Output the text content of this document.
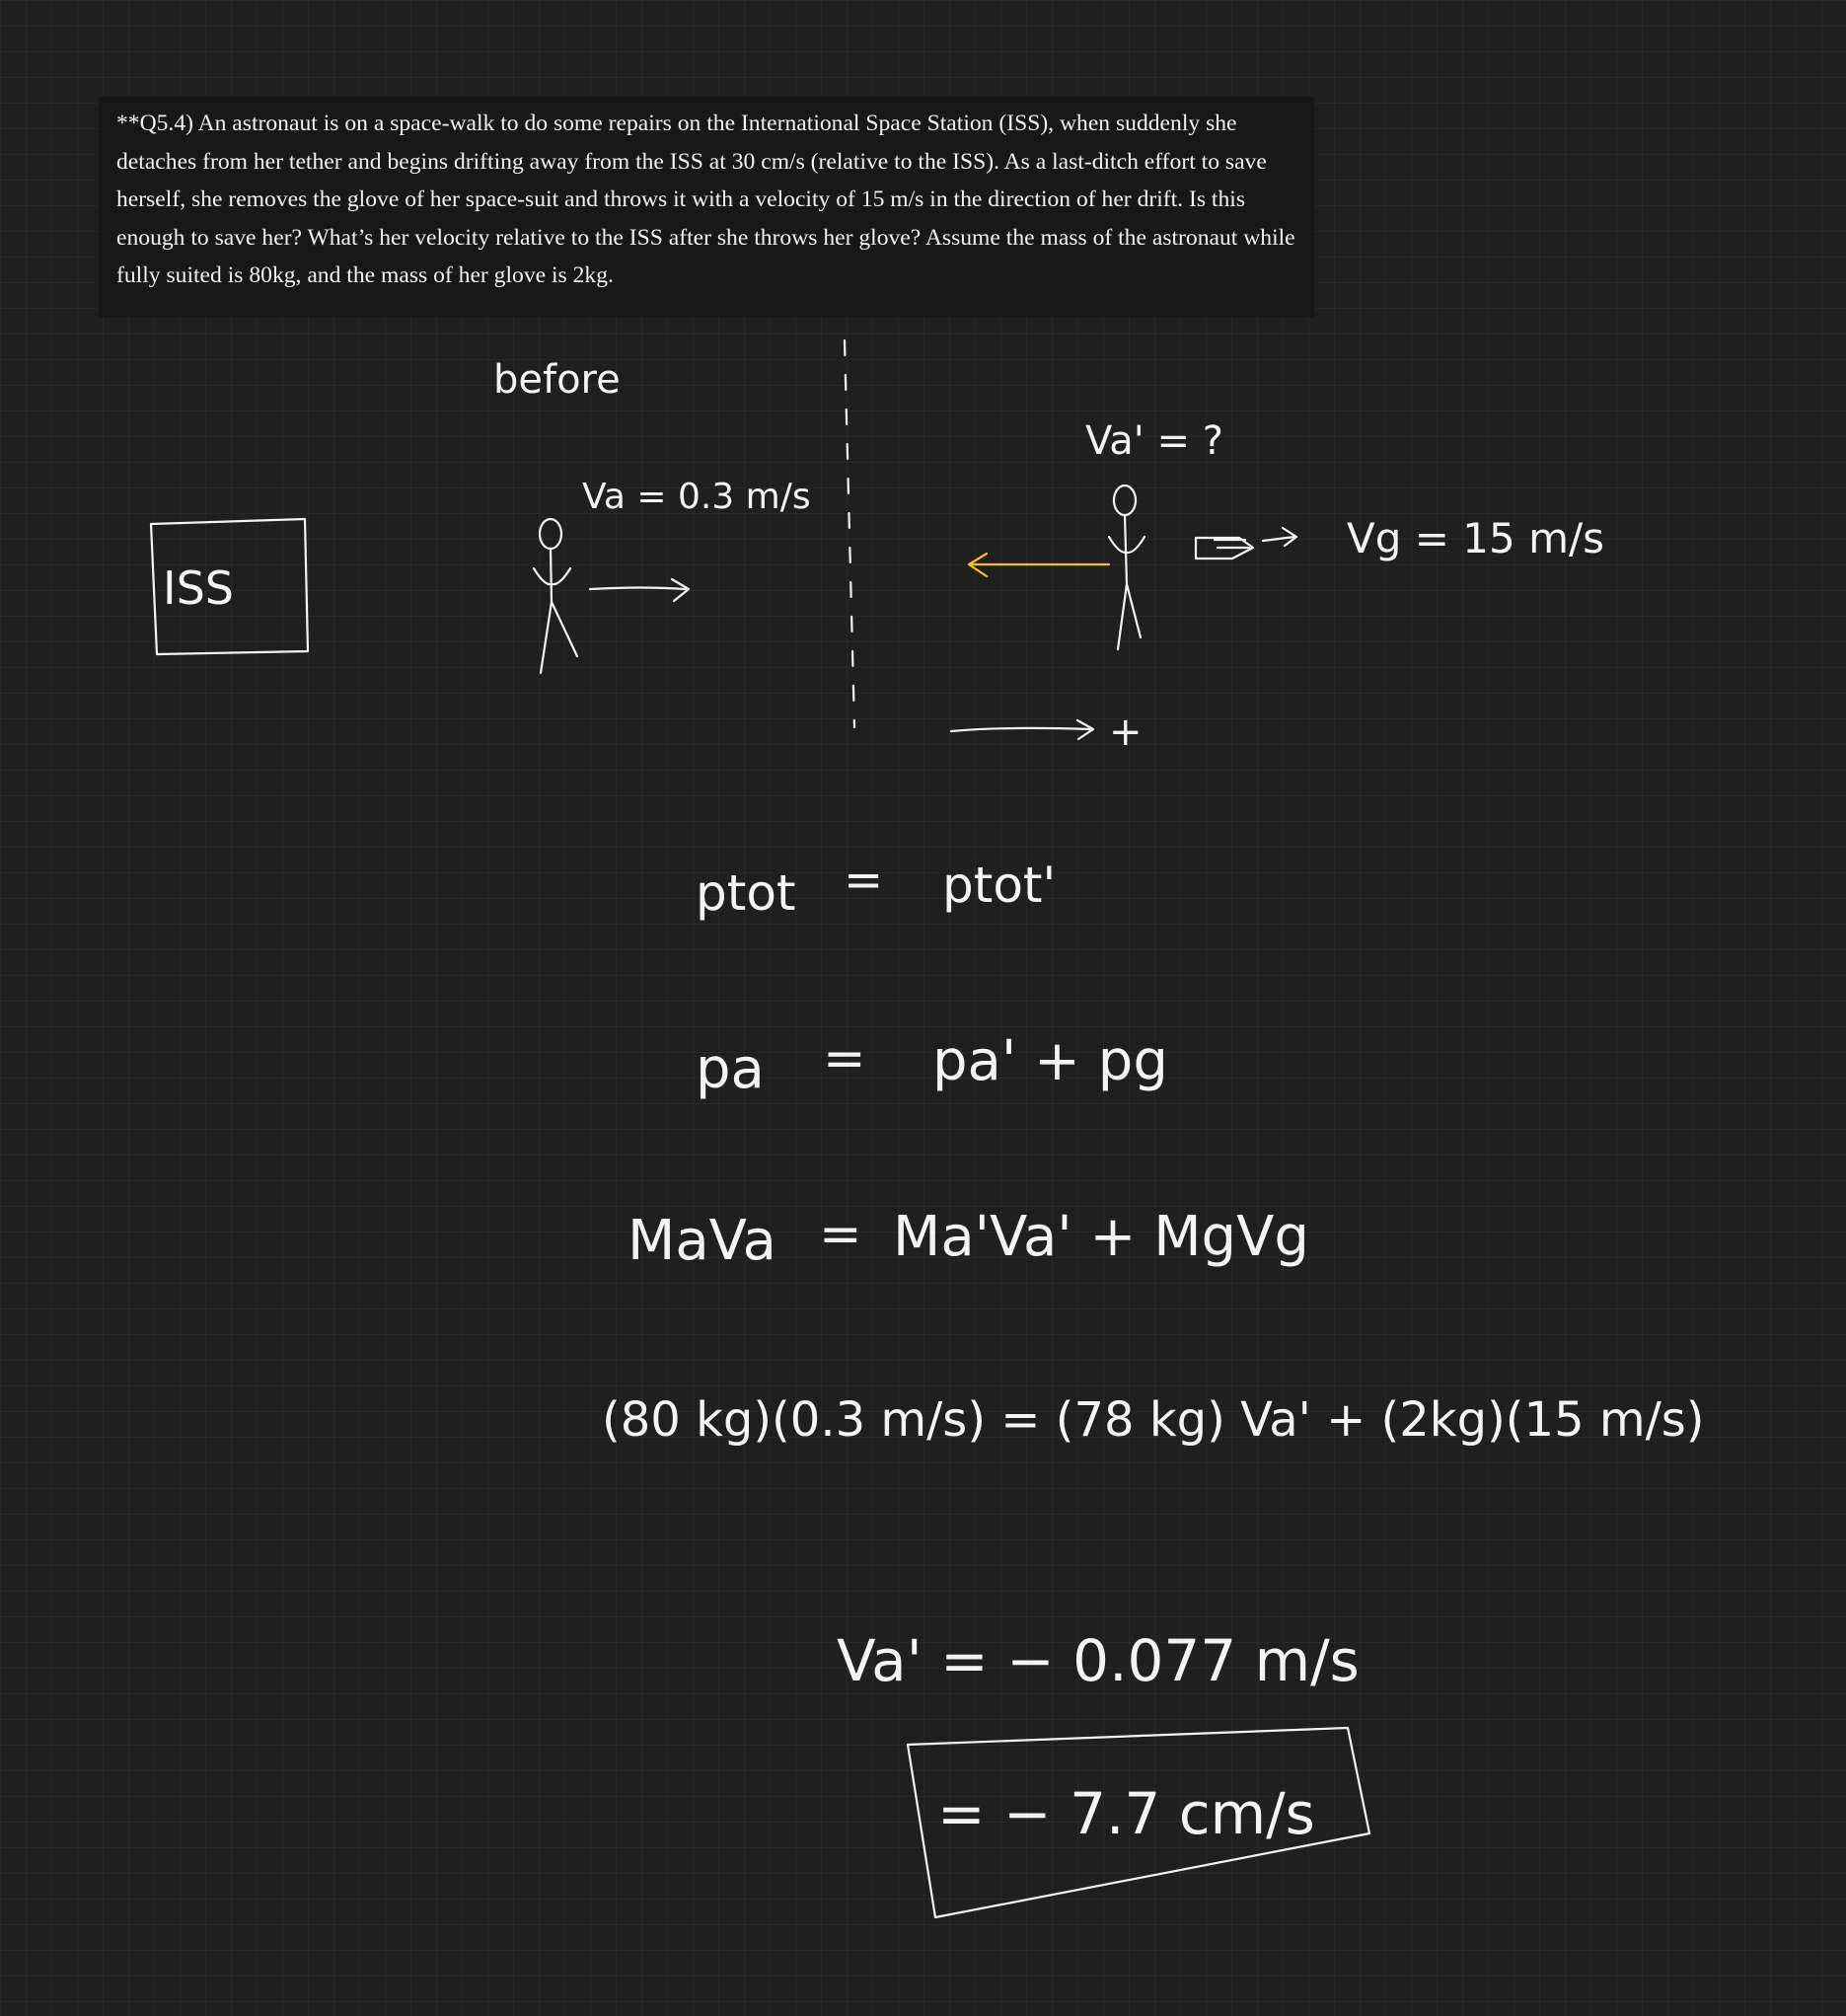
**Q5.4) An astronaut is on a space-walk to do some repairs on the International Space Station (ISS), when suddenly she detaches from her tether and begins drifting away from the ISS at 30 cm/s (relative to the ISS). As a last-ditch effort to save herself, she removes the glove of her space-suit and throws it with a velocity of 15 m/s in the direction of her drift. Is this enough to save her? What’s her velocity relative to the ISS after she throws her glove? Assume the mass of the astronaut while fully suited is 80kg, and the mass of her glove is 2kg.

before
ISS
Va = 0.3 m/s
Va' = ?
Vg = 15 m/s
+
ptot = ptot'
pa = pa' + pg
MaVa = Ma'Va' + MgVg
(80 kg)(0.3 m/s) = (78 kg) Va' + (2kg)(15 m/s)
Va' = − 0.077 m/s
= − 7.7 cm/s
